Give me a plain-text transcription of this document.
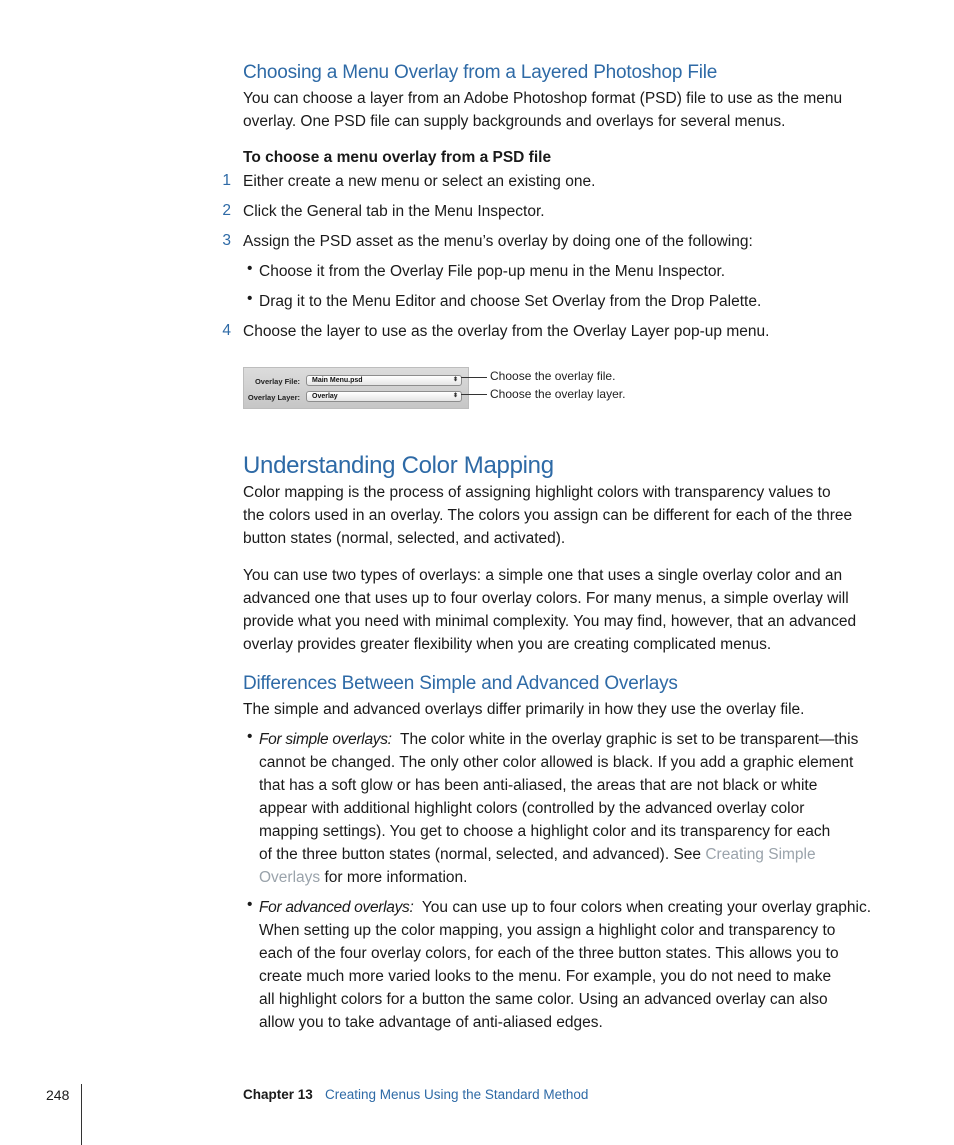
Choosing a Menu Overlay from a Layered Photoshop File
You can choose a layer from an Adobe Photoshop format (PSD) file to use as the menu
overlay. One PSD file can supply backgrounds and overlays for several menus.
To choose a menu overlay from a PSD file
1 Either create a new menu or select an existing one.
2 Click the General tab in the Menu Inspector.
3 Assign the PSD asset as the menu’s overlay by doing one of the following:
• Choose it from the Overlay File pop-up menu in the Menu Inspector.
• Drag it to the Menu Editor and choose Set Overlay from the Drop Palette.
4 Choose the layer to use as the overlay from the Overlay Layer pop-up menu.
Overlay File:	Main Menu.psd	⬍
Overlay Layer:	Overlay	⬍
Choose the overlay file.
Choose the overlay layer.
Understanding Color Mapping
Color mapping is the process of assigning highlight colors with transparency values to
the colors used in an overlay. The colors you assign can be different for each of the three
button states (normal, selected, and activated).
You can use two types of overlays: a simple one that uses a single overlay color and an
advanced one that uses up to four overlay colors. For many menus, a simple overlay will
provide what you need with minimal complexity. You may find, however, that an advanced
overlay provides greater flexibility when you are creating complicated menus.
Differences Between Simple and Advanced Overlays
The simple and advanced overlays differ primarily in how they use the overlay file.
• For simple overlays: The color white in the overlay graphic is set to be transparent—this
cannot be changed. The only other color allowed is black. If you add a graphic element
that has a soft glow or has been anti-aliased, the areas that are not black or white
appear with additional highlight colors (controlled by the advanced overlay color
mapping settings). You get to choose a highlight color and its transparency for each
of the three button states (normal, selected, and advanced). See Creating Simple
Overlays for more information.
• For advanced overlays: You can use up to four colors when creating your overlay graphic.
When setting up the color mapping, you assign a highlight color and transparency to
each of the four overlay colors, for each of the three button states. This allows you to
create much more varied looks to the menu. For example, you do not need to make
all highlight colors for a button the same color. Using an advanced overlay can also
allow you to take advantage of anti-aliased edges.
248	Chapter 13 Creating Menus Using the Standard Method
